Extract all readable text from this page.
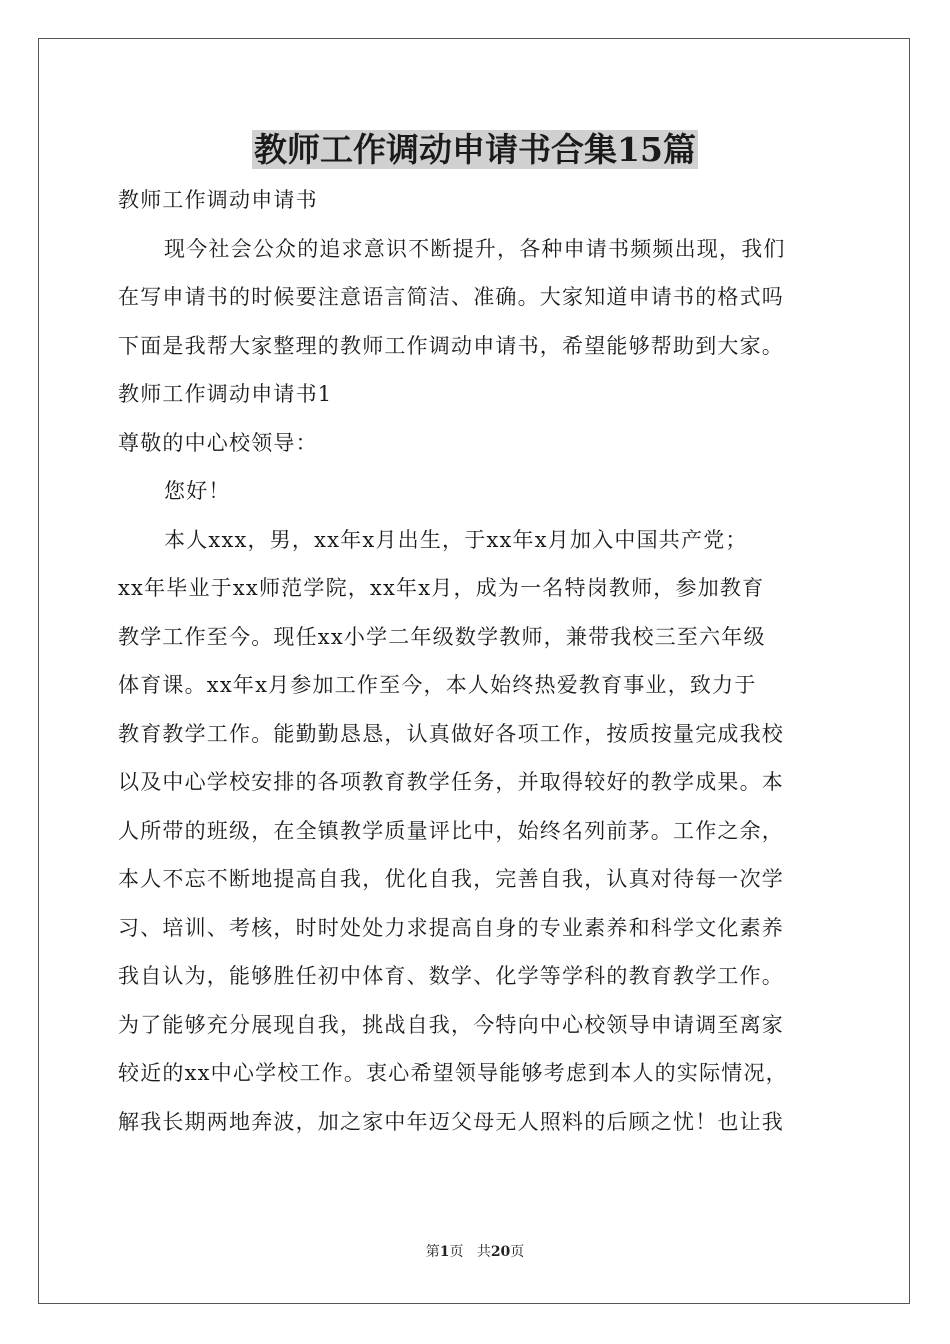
教师工作调动申请书合集15篇
教师工作调动申请书
现今社会公众的追求意识不断提升，各种申请书频频出现，我们
在写申请书的时候要注意语言简洁、准确。大家知道申请书的格式吗
下面是我帮大家整理的教师工作调动申请书，希望能够帮助到大家。
教师工作调动申请书1
尊敬的中心校领导：
您好！
本人xxx，男，xx年x月出生，于xx年x月加入中国共产党；
xx年毕业于xx师范学院，xx年x月，成为一名特岗教师，参加教育
教学工作至今。现任xx小学二年级数学教师，兼带我校三至六年级
体育课。xx年x月参加工作至今，本人始终热爱教育事业，致力于
教育教学工作。能勤勤恳恳，认真做好各项工作，按质按量完成我校
以及中心学校安排的各项教育教学任务，并取得较好的教学成果。本
人所带的班级，在全镇教学质量评比中，始终名列前茅。工作之余，
本人不忘不断地提高自我，优化自我，完善自我，认真对待每一次学
习、培训、考核，时时处处力求提高自身的专业素养和科学文化素养
我自认为，能够胜任初中体育、数学、化学等学科的教育教学工作。
为了能够充分展现自我，挑战自我，今特向中心校领导申请调至离家
较近的xx中心学校工作。衷心希望领导能够考虑到本人的实际情况，
解我长期两地奔波，加之家中年迈父母无人照料的后顾之忧！也让我
第1页 共20页
